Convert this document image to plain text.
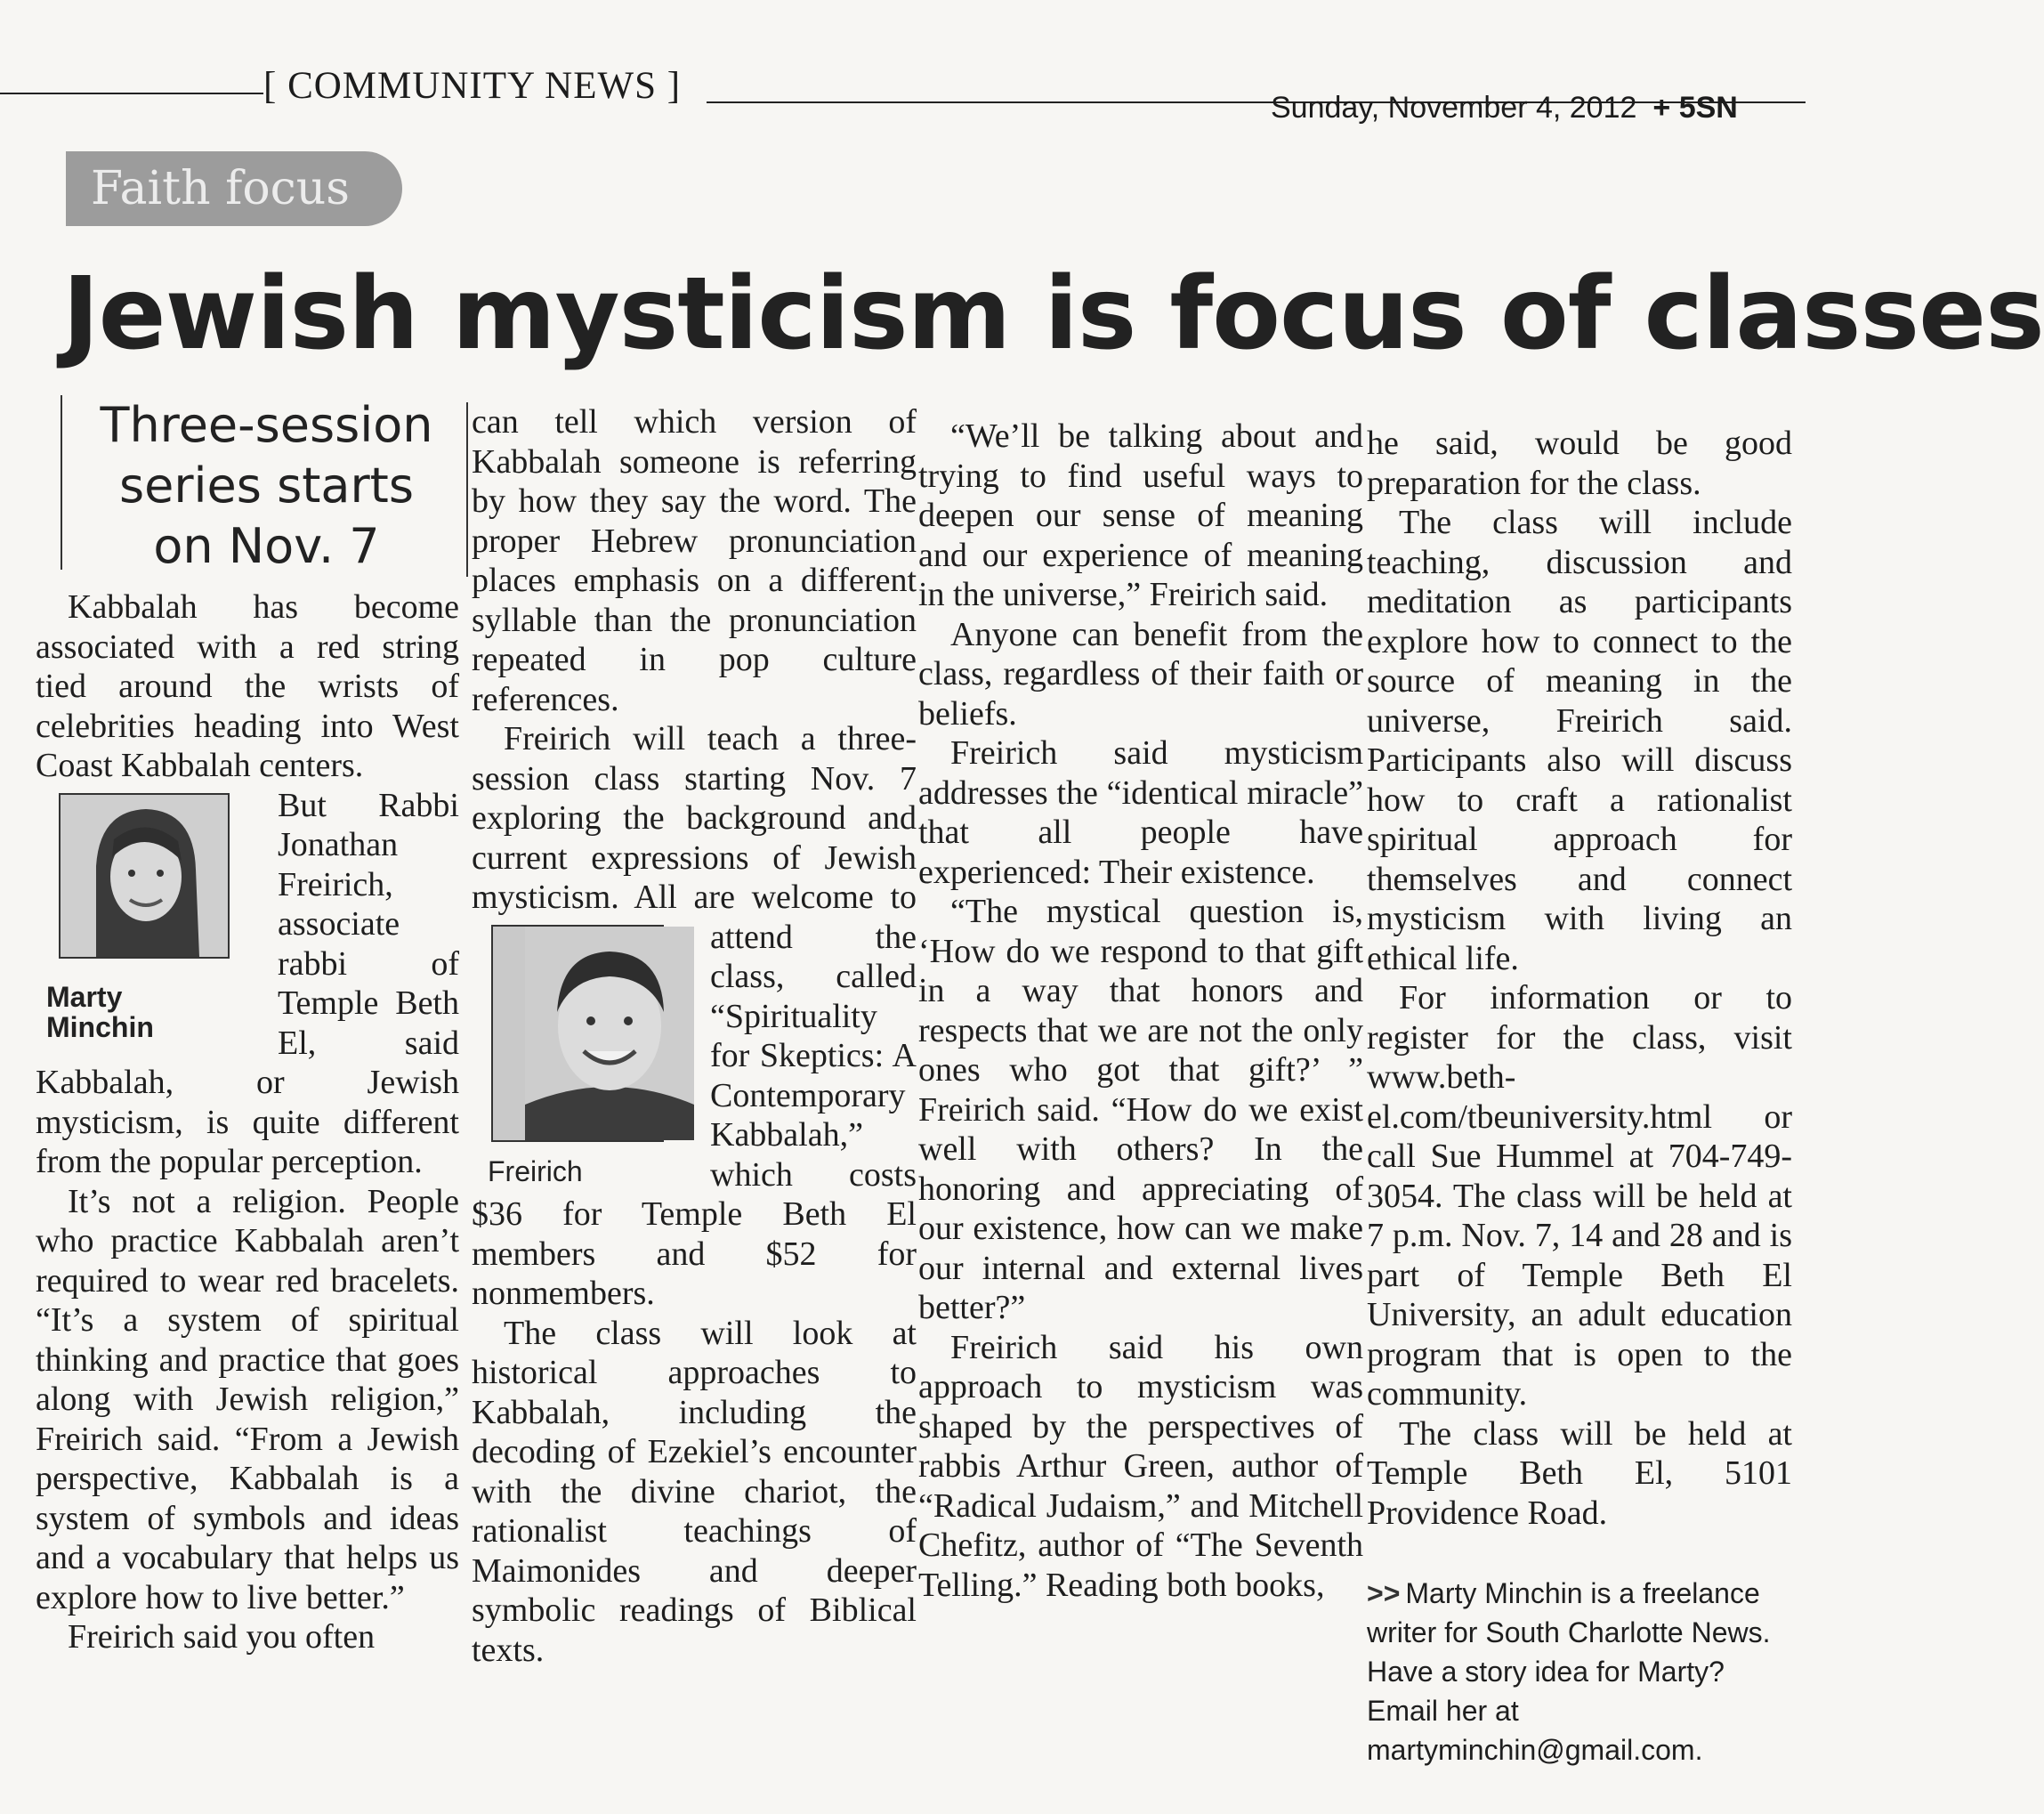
[ COMMUNITY NEWS ]
Sunday, November 4, 2012 + 5SN
Faith focus
Jewish mysticism is focus of classes
Three-session series starts on Nov. 7

Kabbalah has become associated with a red string tied around the wrists of celebrities heading into West Coast Kabbalah centers.

Marty Minchin

But Rabbi Jonathan Freirich, associate rabbi of Temple Beth El, said Kabbalah, or Jewish mysticism, is quite different from the popular perception.

It’s not a religion. People who practice Kabbalah aren’t required to wear red bracelets. “It’s a system of spiritual thinking and practice that goes along with Jewish religion,” Freirich said. “From a Jewish perspective, Kabbalah is a system of symbols and ideas and a vocabulary that helps us explore how to live better.”

Freirich said you often

can tell which version of Kabbalah someone is referring by how they say the word. The proper Hebrew pronunciation places emphasis on a different syllable than the pronunciation repeated in pop culture references.

Freirich will teach a three-session class starting Nov. 7 exploring the background and current expressions of Jewish mysticism. All are welcome to attend
Freirich
the class, called “Spirituality for Skeptics: A Contemporary Kabbalah,” which costs $36 for Temple Beth El members and $52 for nonmembers.

The class will look at historical approaches to Kabbalah, including the decoding of Ezekiel’s encounter with the divine chariot, the rationalist teachings of Maimonides and deeper symbolic readings of Biblical texts.

“We’ll be talking about and trying to find useful ways to deepen our sense of meaning and our experience of meaning in the universe,” Freirich said.

Anyone can benefit from the class, regardless of their faith or beliefs.

Freirich said mysticism addresses the “identical miracle” that all people have experienced: Their existence.

“The mystical question is, ‘How do we respond to that gift in a way that honors and respects that we are not the only ones who got that gift?’ ” Freirich said. “How do we exist well with others? In the honoring and appreciating of our existence, how can we make our internal and external lives better?”

Freirich said his own approach to mysticism was shaped by the perspectives of rabbis Arthur Green, author of “Radical Judaism,” and Mitchell Chefitz, author of “The Seventh Telling.” Reading both books,

he said, would be good preparation for the class.

The class will include teaching, discussion and meditation as participants explore how to connect to the source of meaning in the universe, Freirich said. Participants also will discuss how to craft a rationalist spiritual approach for themselves and connect mysticism with living an ethical life.

For information or to register for the class, visit www.beth-el.com/tbeuniversity.html or call Sue Hummel at 704-749-3054. The class will be held at 7 p.m. Nov. 7, 14 and 28 and is part of Temple Beth El University, an adult education program that is open to the community.

The class will be held at Temple Beth El, 5101 Providence Road.

>> Marty Minchin is a freelance writer for South Charlotte News. Have a story idea for Marty? Email her at martyminchin@gmail.com.
